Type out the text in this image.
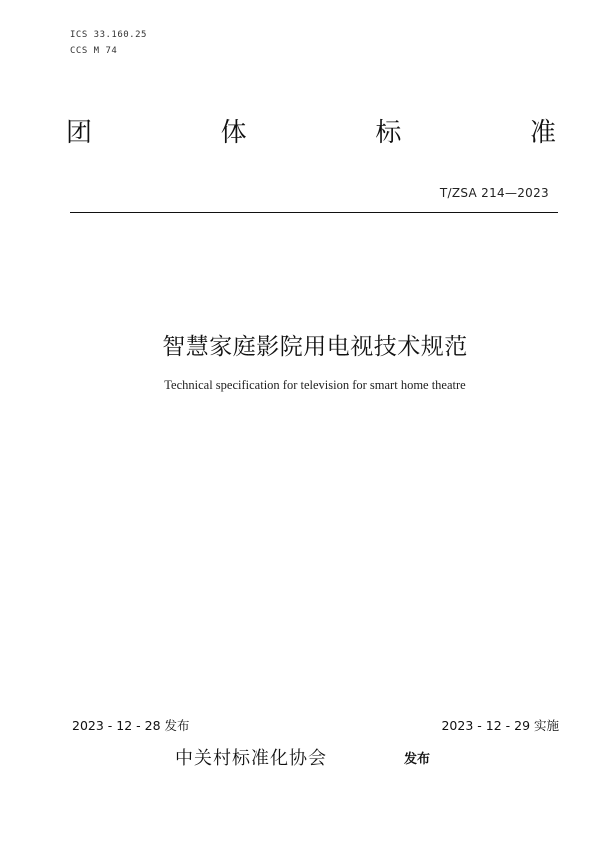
ICS 33.160.25
CCS M 74
团	体	标	准
T/ZSA 214—2023
智慧家庭影院用电视技术规范
Technical specification for television for smart home theatre
2023 - 12 - 28 发布	2023 - 12 - 29 实施
中关村标准化协会	发布
